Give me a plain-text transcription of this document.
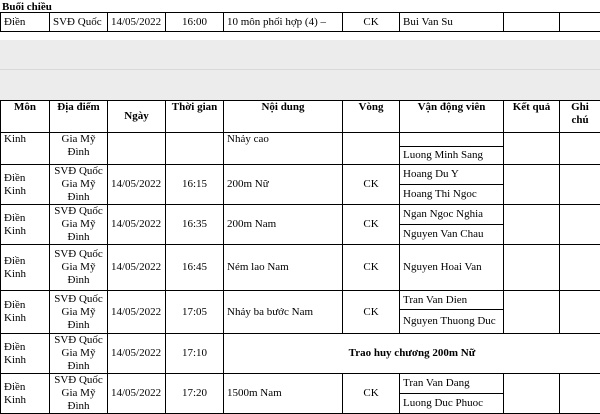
Buổi chiều
Điền	SVĐ Quốc	14/05/2022	16:00	10 môn phối hợp (4) –	CK	Bui Van Su		
Môn	Địa điểm	Ngày	Thời gian	Nội dung	Vòng	Vận động viên	Kết quả	Ghi chú
Kinh	Gia Mỹ Đình			Nhảy cao				
						Luong Minh Sang		
Điền Kinh	SVĐ Quốc Gia Mỹ Đình	14/05/2022	16:15	200m Nữ	CK	Hoang Du Y		
						Hoang Thi Ngoc		
Điền Kinh	SVĐ Quốc Gia Mỹ Đình	14/05/2022	16:35	200m Nam	CK	Ngan Ngoc Nghia		
						Nguyen Van Chau		
Điền Kinh	SVĐ Quốc Gia Mỹ Đình	14/05/2022	16:45	Ném lao Nam	CK	Nguyen Hoai Van		
Điền Kinh	SVĐ Quốc Gia Mỹ Đình	14/05/2022	17:05	Nhảy ba bước Nam	CK	Tran Van Dien		
						Nguyen Thuong Duc		
Điền Kinh	SVĐ Quốc Gia Mỹ Đình	14/05/2022	17:10	Trao huy chương 200m Nữ				
Điền Kinh	SVĐ Quốc Gia Mỹ Đình	14/05/2022	17:20	1500m Nam	CK	Tran Van Dang		
						Luong Duc Phuoc		
